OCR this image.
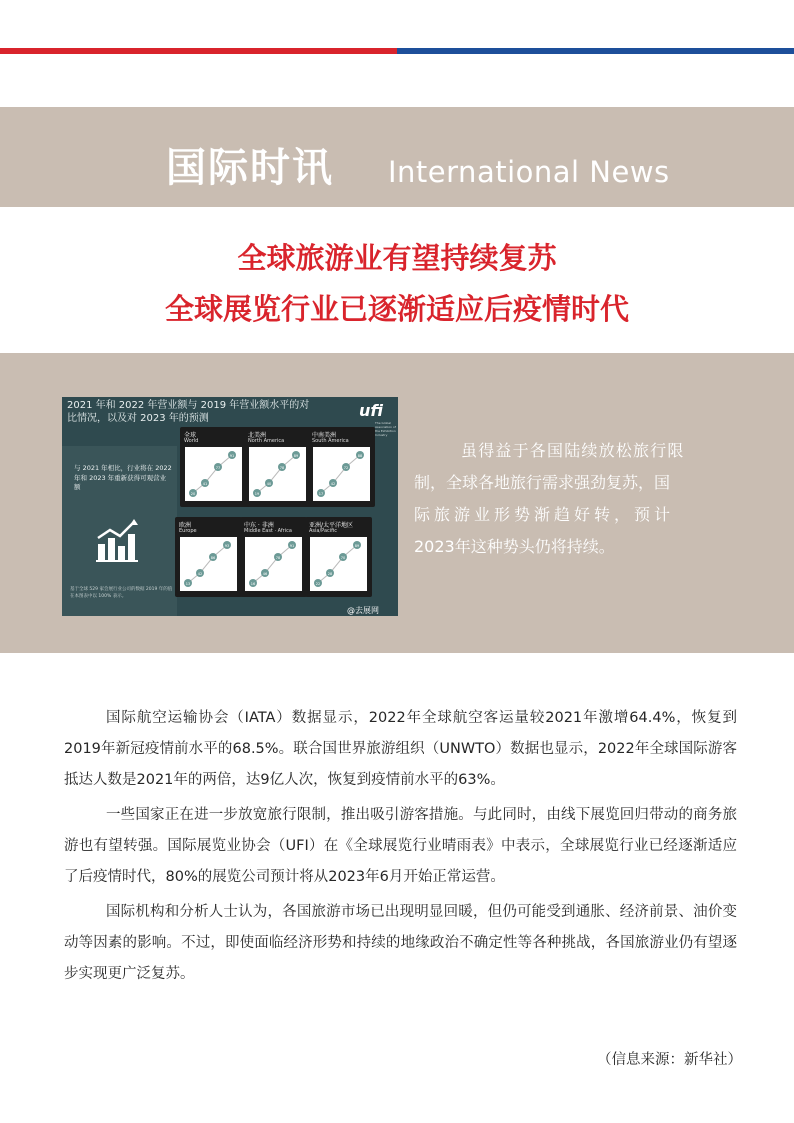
国际时讯 International News
全球旅游业有望持续复苏
全球展览行业已逐渐适应后疫情时代
2021 年和 2022 年营业额与 2019 年营业额水平的对比情况，以及对 2023 年的预测	ufi
The Global Association of the Exhibition Industry
与 2021 年相比，行业将在 2022 年和 2023 年重新获得可观营业额
基于全球 529 家会展行业公司的数据 2019 年的值在本图表中以 100% 表示。
全球
World
20
41
77
91
北美洲
North America
19
40
78
89
中南美洲
South America
17
42
72
88
欧洲
Europe
13
42
86
93
中东 · 非洲
Middle East · Africa
16
46
78
91
亚洲/太平洋地区
Asia/Pacific
22
28
70
89
@去展网
虽得益于各国陆续放松旅行限
制，全球各地旅行需求强劲复苏，国
际旅游业形势渐趋好转，预计
2023年这种势头仍将持续。

国际航空运输协会（IATA）数据显示，2022年全球航空客运量较2021年激增64.4%，恢复到2019年新冠疫情前水平的68.5%。联合国世界旅游组织（UNWTO）数据也显示，2022年全球国际游客抵达人数是2021年的两倍，达9亿人次，恢复到疫情前水平的63%。

一些国家正在进一步放宽旅行限制，推出吸引游客措施。与此同时，由线下展览回归带动的商务旅游也有望转强。国际展览业协会（UFI）在《全球展览行业晴雨表》中表示，全球展览行业已经逐渐适应了后疫情时代，80%的展览公司预计将从2023年6月开始正常运营。

国际机构和分析人士认为，各国旅游市场已出现明显回暖，但仍可能受到通胀、经济前景、油价变动等因素的影响。不过，即使面临经济形势和持续的地缘政治不确定性等各种挑战，各国旅游业仍有望逐步实现更广泛复苏。

（信息来源：新华社）
